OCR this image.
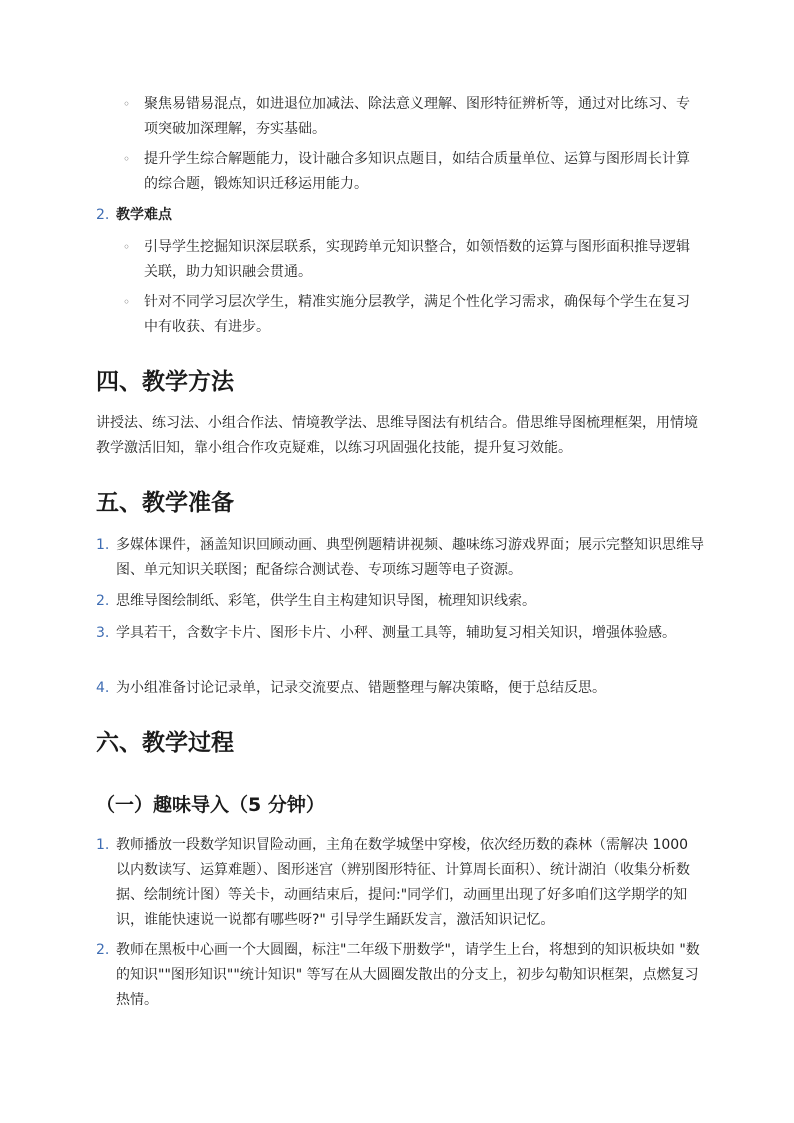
◦ 聚焦易错易混点，如进退位加减法、除法意义理解、图形特征辨析等，通过对比练习、专项突破加深理解，夯实基础。
◦ 提升学生综合解题能力，设计融合多知识点题目，如结合质量单位、运算与图形周长计算的综合题，锻炼知识迁移运用能力。
2. 教学难点
◦ 引导学生挖掘知识深层联系，实现跨单元知识整合，如领悟数的运算与图形面积推导逻辑关联，助力知识融会贯通。
◦ 针对不同学习层次学生，精准实施分层教学，满足个性化学习需求，确保每个学生在复习中有收获、有进步。
四、教学方法
讲授法、练习法、小组合作法、情境教学法、思维导图法有机结合。借思维导图梳理框架，用情境教学激活旧知，靠小组合作攻克疑难，以练习巩固强化技能，提升复习效能。
五、教学准备
1. 多媒体课件，涵盖知识回顾动画、典型例题精讲视频、趣味练习游戏界面；展示完整知识思维导图、单元知识关联图；配备综合测试卷、专项练习题等电子资源。
2. 思维导图绘制纸、彩笔，供学生自主构建知识导图，梳理知识线索。
3. 学具若干，含数字卡片、图形卡片、小秤、测量工具等，辅助复习相关知识，增强体验感。
4. 为小组准备讨论记录单，记录交流要点、错题整理与解决策略，便于总结反思。
六、教学过程
（一）趣味导入（5 分钟）
1. 教师播放一段数学知识冒险动画，主角在数学城堡中穿梭，依次经历数的森林（需解决 1000 以内数读写、运算难题）、图形迷宫（辨别图形特征、计算周长面积）、统计湖泊（收集分析数据、绘制统计图）等关卡，动画结束后，提问:"同学们，动画里出现了好多咱们这学期学的知识，谁能快速说一说都有哪些呀?" 引导学生踊跃发言，激活知识记忆。
2. 教师在黑板中心画一个大圆圈，标注"二年级下册数学"，请学生上台，将想到的知识板块如 "数的知识""图形知识""统计知识" 等写在从大圆圈发散出的分支上，初步勾勒知识框架，点燃复习热情。
